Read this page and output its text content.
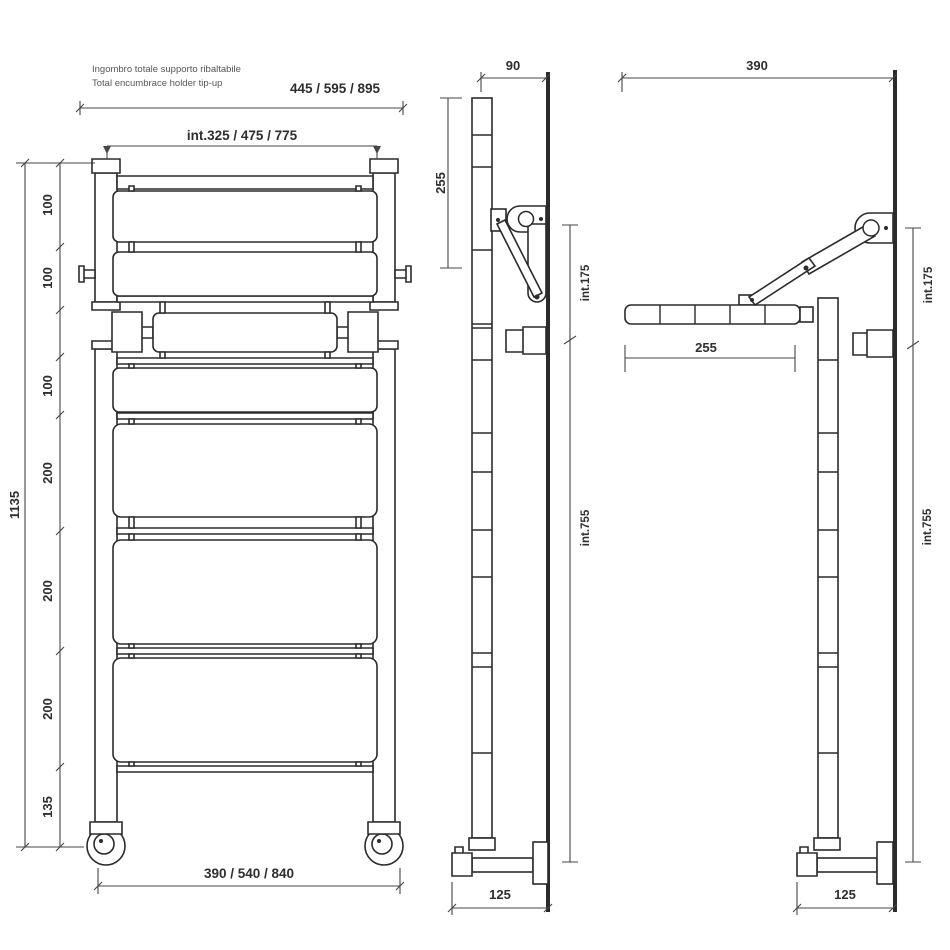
Ingombro totale supporto ribaltabile
Total encumbrace holder tip-up	445 / 595 / 895
int.325 / 475 / 775
1135
100
100
100
200
200
200
135
390 / 540 / 840
90
255
int.175
int.755
125
390
255
int.175
int.755
125
